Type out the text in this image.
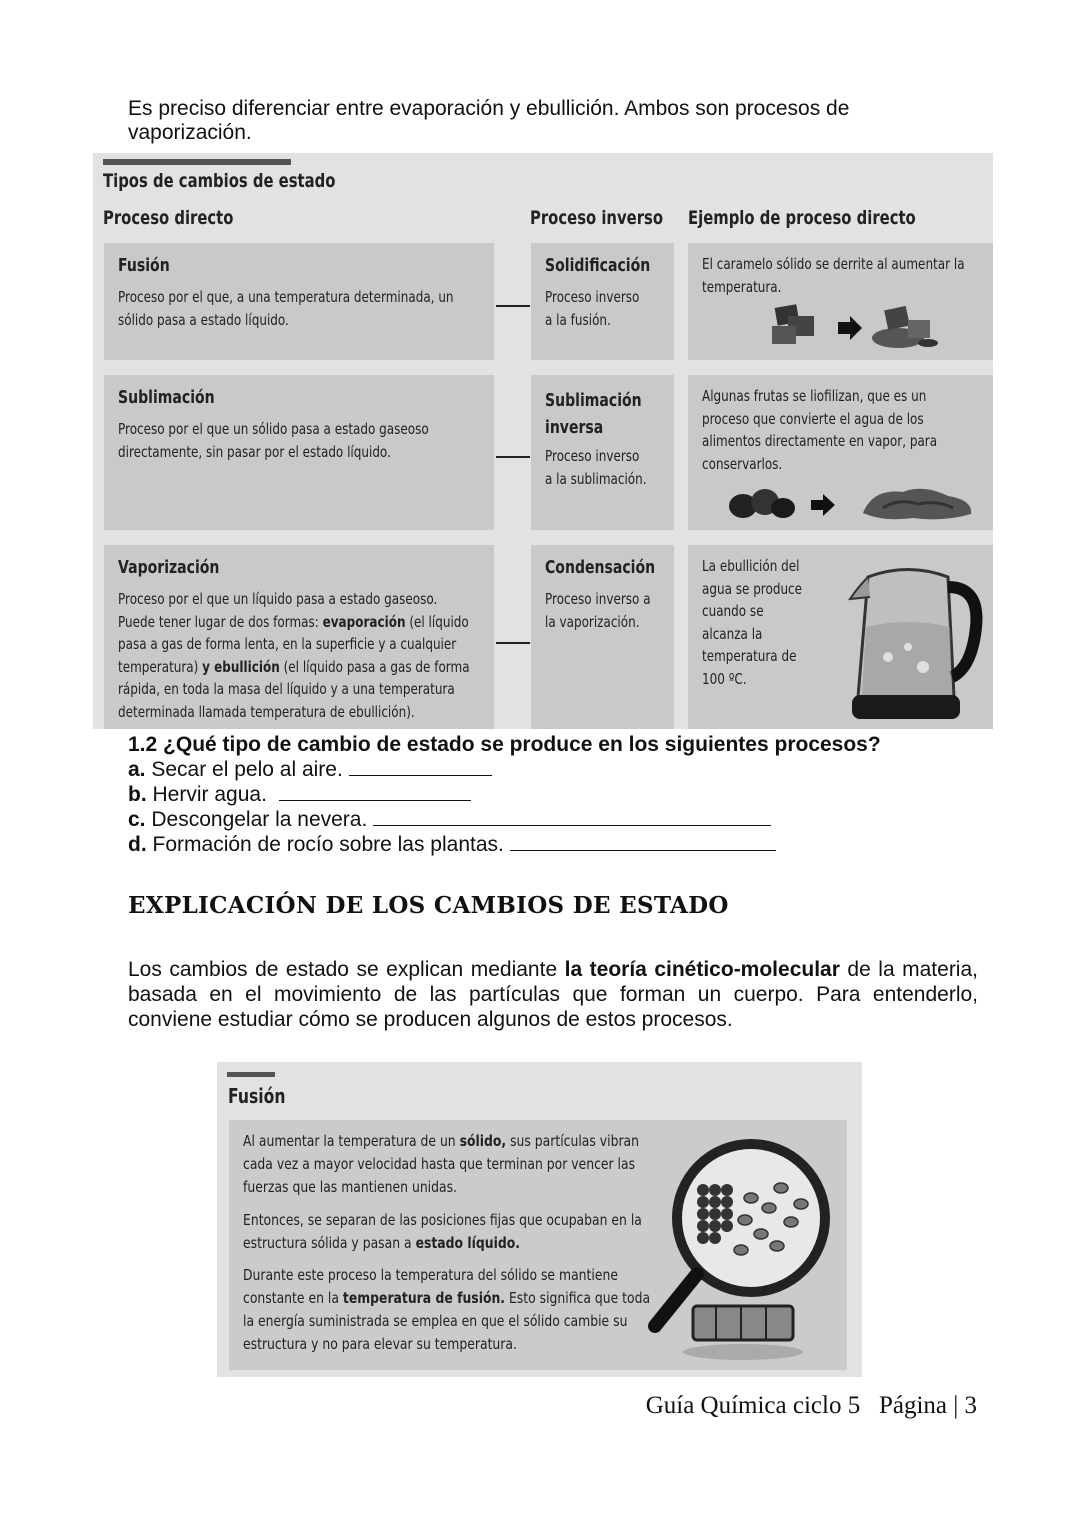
Es preciso diferenciar entre evaporación y ebullición. Ambos son procesos de
vaporización.
Tipos de cambios de estado
Proceso directo	Proceso inverso Ejemplo de proceso directo
Fusión
Proceso por el que, a una temperatura determinada, un sólido pasa a estado líquido.
Solidificación
Proceso inverso a la fusión.
El caramelo sólido se derrite al aumentar la temperatura.
Sublimación
Proceso por el que un sólido pasa a estado gaseoso directamente, sin pasar por el estado líquido.
Sublimación inversa
Proceso inverso a la sublimación.
Algunas frutas se liofilizan, que es un proceso que convierte el agua de los alimentos directamente en vapor, para conservarlos.
Vaporización
Proceso por el que un líquido pasa a estado gaseoso. Puede tener lugar de dos formas: evaporación (el líquido pasa a gas de forma lenta, en la superficie y a cualquier temperatura) y ebullición (el líquido pasa a gas de forma rápida, en toda la masa del líquido y a una temperatura determinada llamada temperatura de ebullición).
Condensación
Proceso inverso a la vaporización.
La ebullición del agua se produce cuando se alcanza la temperatura de 100 ºC.
1.2 ¿Qué tipo de cambio de estado se produce en los siguientes procesos?
a. Secar el pelo al aire.
b. Hervir agua.
c. Descongelar la nevera.
d. Formación de rocío sobre las plantas.
EXPLICACIÓN DE LOS CAMBIOS DE ESTADO
Los cambios de estado se explican mediante la teoría cinético-molecular de la materia, basada en el movimiento de las partículas que forman un cuerpo. Para entenderlo, conviene estudiar cómo se producen algunos de estos procesos.
Fusión
Al aumentar la temperatura de un sólido, sus partículas vibran cada vez a mayor velocidad hasta que terminan por vencer las fuerzas que las mantienen unidas.
Entonces, se separan de las posiciones fijas que ocupaban en la estructura sólida y pasan a estado líquido.
Durante este proceso la temperatura del sólido se mantiene constante en la temperatura de fusión. Esto significa que toda la energía suministrada se emplea en que el sólido cambie su estructura y no para elevar su temperatura.
Guía Química ciclo 5 Página | 3
